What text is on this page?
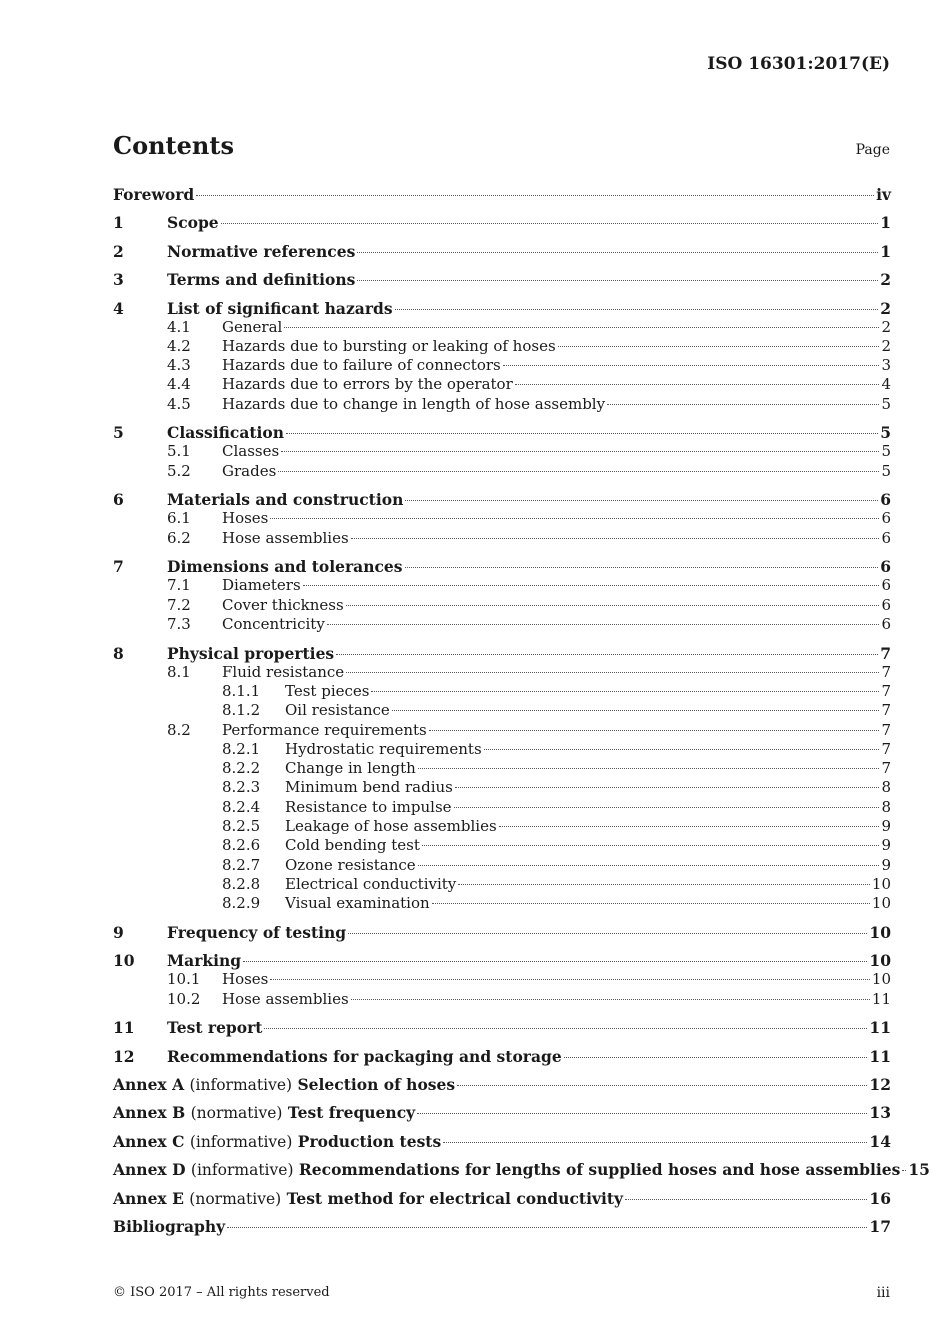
ISO 16301:2017(E)
Contents	Page
Foreword	iv
1	Scope	1
2	Normative references	1
3	Terms and definitions	2
4	List of significant hazards	2
4.1	General	2
4.2	Hazards due to bursting or leaking of hoses	2
4.3	Hazards due to failure of connectors	3
4.4	Hazards due to errors by the operator	4
4.5	Hazards due to change in length of hose assembly	5
5	Classification	5
5.1	Classes	5
5.2	Grades	5
6	Materials and construction	6
6.1	Hoses	6
6.2	Hose assemblies	6
7	Dimensions and tolerances	6
7.1	Diameters	6
7.2	Cover thickness	6
7.3	Concentricity	6
8	Physical properties	7
8.1	Fluid resistance	7
8.1.1	Test pieces	7
8.1.2	Oil resistance	7
8.2	Performance requirements	7
8.2.1	Hydrostatic requirements	7
8.2.2	Change in length	7
8.2.3	Minimum bend radius	8
8.2.4	Resistance to impulse	8
8.2.5	Leakage of hose assemblies	9
8.2.6	Cold bending test	9
8.2.7	Ozone resistance	9
8.2.8	Electrical conductivity	10
8.2.9	Visual examination	10
9	Frequency of testing	10
10	Marking	10
10.1	Hoses	10
10.2	Hose assemblies	11
11	Test report	11
12	Recommendations for packaging and storage	11
Annex A (informative) Selection of hoses	12
Annex B (normative) Test frequency	13
Annex C (informative) Production tests	14
Annex D (informative) Recommendations for lengths of supplied hoses and hose assemblies 15
Annex E (normative) Test method for electrical conductivity	16
Bibliography	17
© ISO 2017 – All rights reserved	iii
